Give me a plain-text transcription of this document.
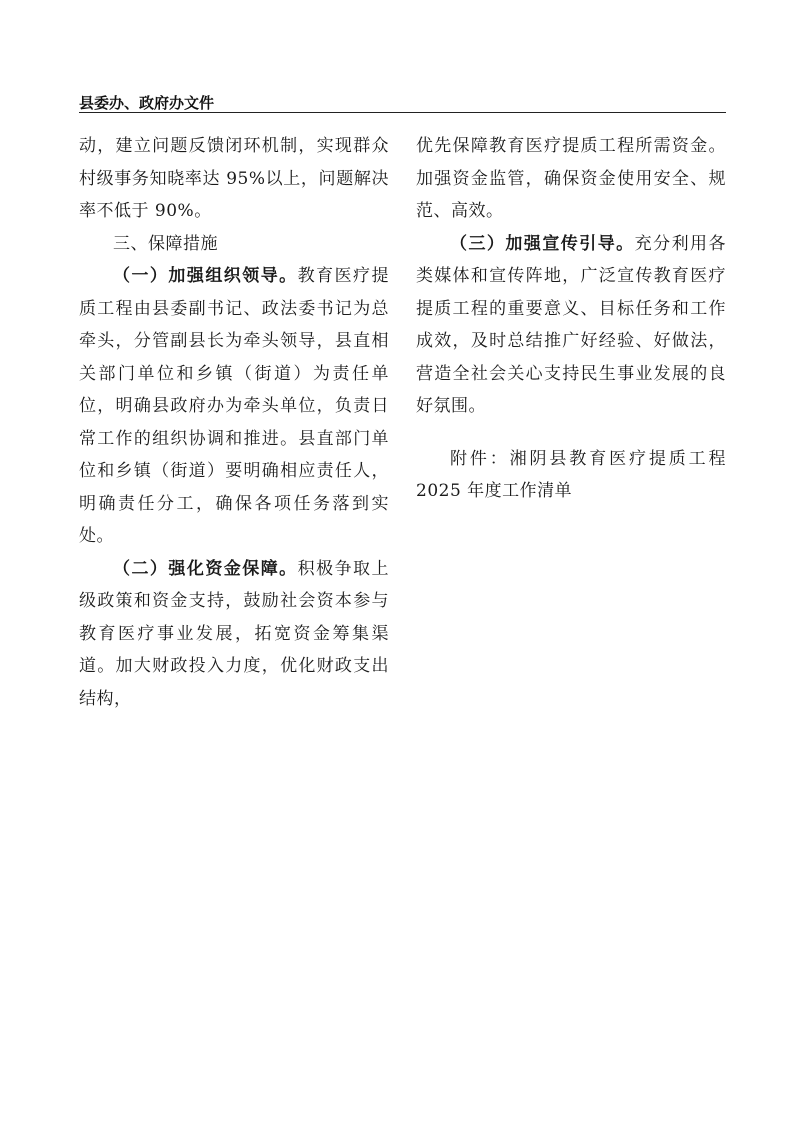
县委办、政府办文件

动，建立问题反馈闭环机制，实现群众村级事务知晓率达 95%以上，问题解决率不低于 90%。

三、保障措施

（一）加强组织领导。教育医疗提质工程由县委副书记、政法委书记为总牵头，分管副县长为牵头领导，县直相关部门单位和乡镇（街道）为责任单位，明确县政府办为牵头单位，负责日常工作的组织协调和推进。县直部门单位和乡镇（街道）要明确相应责任人，明确责任分工，确保各项任务落到实处。

（二）强化资金保障。积极争取上级政策和资金支持，鼓励社会资本参与教育医疗事业发展，拓宽资金筹集渠道。加大财政投入力度，优化财政支出结构，

优先保障教育医疗提质工程所需资金。加强资金监管，确保资金使用安全、规范、高效。

（三）加强宣传引导。充分利用各类媒体和宣传阵地，广泛宣传教育医疗提质工程的重要意义、目标任务和工作成效，及时总结推广好经验、好做法，营造全社会关心支持民生事业发展的良好氛围。

附件：湘阴县教育医疗提质工程 2025 年度工作清单
